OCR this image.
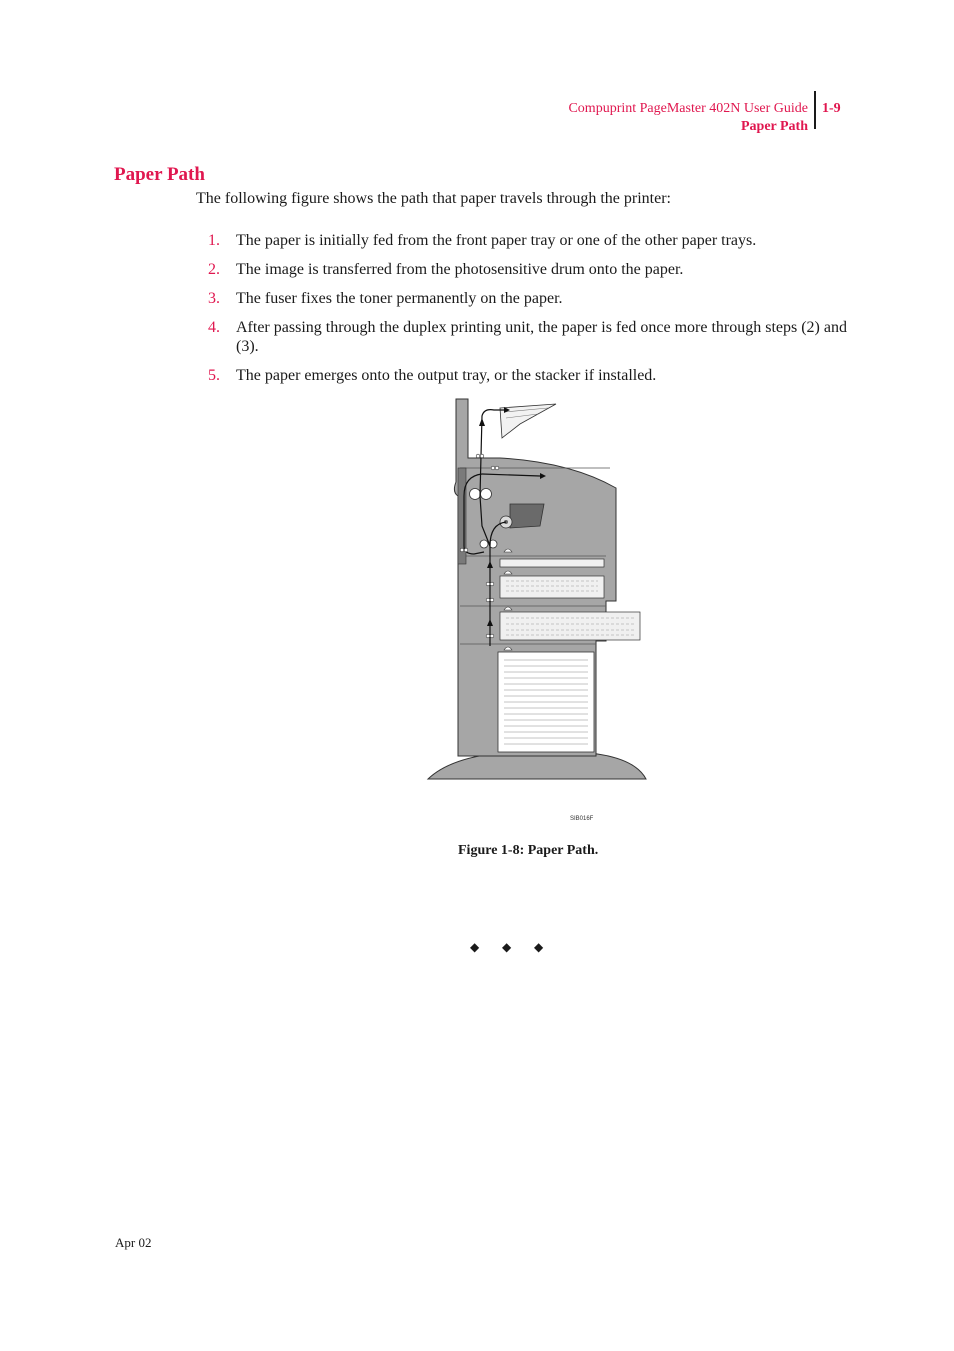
Compuprint PageMaster 402N User Guide
Paper Path
1-9
Paper Path

The following figure shows the path that paper travels through the printer:

1.	The paper is initially fed from the front paper tray or one of the other paper trays.
2.	The image is transferred from the photosensitive drum onto the paper.
3.	The fuser fixes the toner permanently on the paper.
4.	After passing through the duplex printing unit, the paper is fed once more through steps (2) and (3).
5.	The paper emerges onto the output tray, or the stacker if installed.
SIB016F
Figure 1-8: Paper Path.
◆ ◆ ◆
Apr 02
